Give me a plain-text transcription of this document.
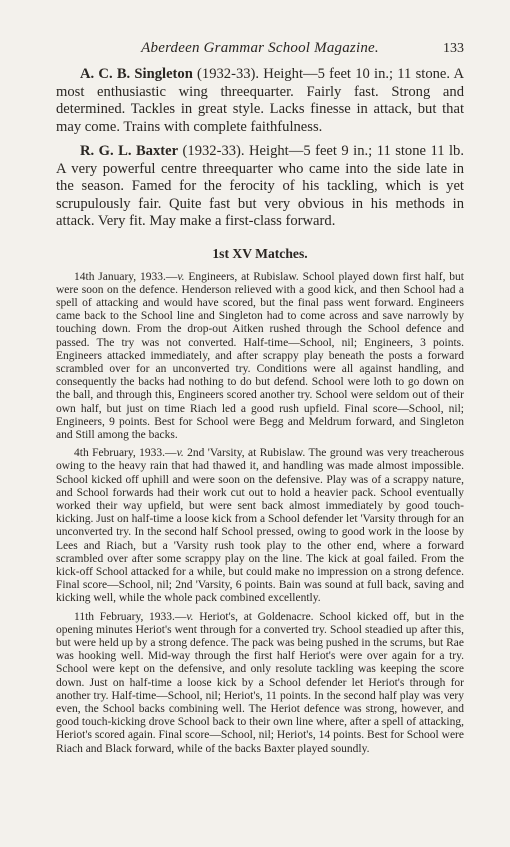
Aberdeen Grammar School Magazine.	133

A. C. B. Singleton (1932-33). Height—5 feet 10 in.; 11 stone. A most enthusiastic wing threequarter. Fairly fast. Strong and determined. Tackles in great style. Lacks finesse in attack, but that may come. Trains with complete faithfulness.

R. G. L. Baxter (1932-33). Height—5 feet 9 in.; 11 stone 11 lb. A very powerful centre threequarter who came into the side late in the season. Famed for the ferocity of his tackling, which is yet scrupulously fair. Quite fast but very obvious in his methods in attack. Very fit. May make a first-class forward.

1st XV Matches.

14th January, 1933.—v. Engineers, at Rubislaw. School played down first half, but were soon on the defence. Henderson relieved with a good kick, and then School had a spell of attacking and would have scored, but the final pass went forward. Engineers came back to the School line and Singleton had to come across and save narrowly by touching down. From the drop-out Aitken rushed through the School defence and passed. The try was not converted. Half-time—School, nil; Engineers, 3 points. Engineers attacked immediately, and after scrappy play beneath the posts a forward scrambled over for an unconverted try. Conditions were all against handling, and consequently the backs had nothing to do but defend. School were loth to go down on the ball, and through this, Engineers scored another try. School were seldom out of their own half, but just on time Riach led a good rush upfield. Final score—School, nil; Engineers, 9 points. Best for School were Begg and Meldrum forward, and Singleton and Still among the backs.

4th February, 1933.—v. 2nd 'Varsity, at Rubislaw. The ground was very treacherous owing to the heavy rain that had thawed it, and handling was made almost impossible. School kicked off uphill and were soon on the defensive. Play was of a scrappy nature, and School forwards had their work cut out to hold a heavier pack. School eventually worked their way upfield, but were sent back almost immediately by good touch-kicking. Just on half-time a loose kick from a School defender let 'Varsity through for an unconverted try. In the second half School pressed, owing to good work in the loose by Lees and Riach, but a 'Varsity rush took play to the other end, where a forward scrambled over after some scrappy play on the line. The kick at goal failed. From the kick-off School attacked for a while, but could make no impression on a strong defence. Final score—School, nil; 2nd 'Varsity, 6 points. Bain was sound at full back, saving and kicking well, while the whole pack combined excellently.

11th February, 1933.—v. Heriot's, at Goldenacre. School kicked off, but in the opening minutes Heriot's went through for a converted try. School steadied up after this, but were held up by a strong defence. The pack was being pushed in the scrums, but Rae was hooking well. Mid-way through the first half Heriot's were over again for a try. School were kept on the defensive, and only resolute tackling was keeping the score down. Just on half-time a loose kick by a School defender let Heriot's through for another try. Half-time—School, nil; Heriot's, 11 points. In the second half play was very even, the School backs combining well. The Heriot defence was strong, however, and good touch-kicking drove School back to their own line where, after a spell of attacking, Heriot's scored again. Final score—School, nil; Heriot's, 14 points. Best for School were Riach and Black forward, while of the backs Baxter played soundly.
